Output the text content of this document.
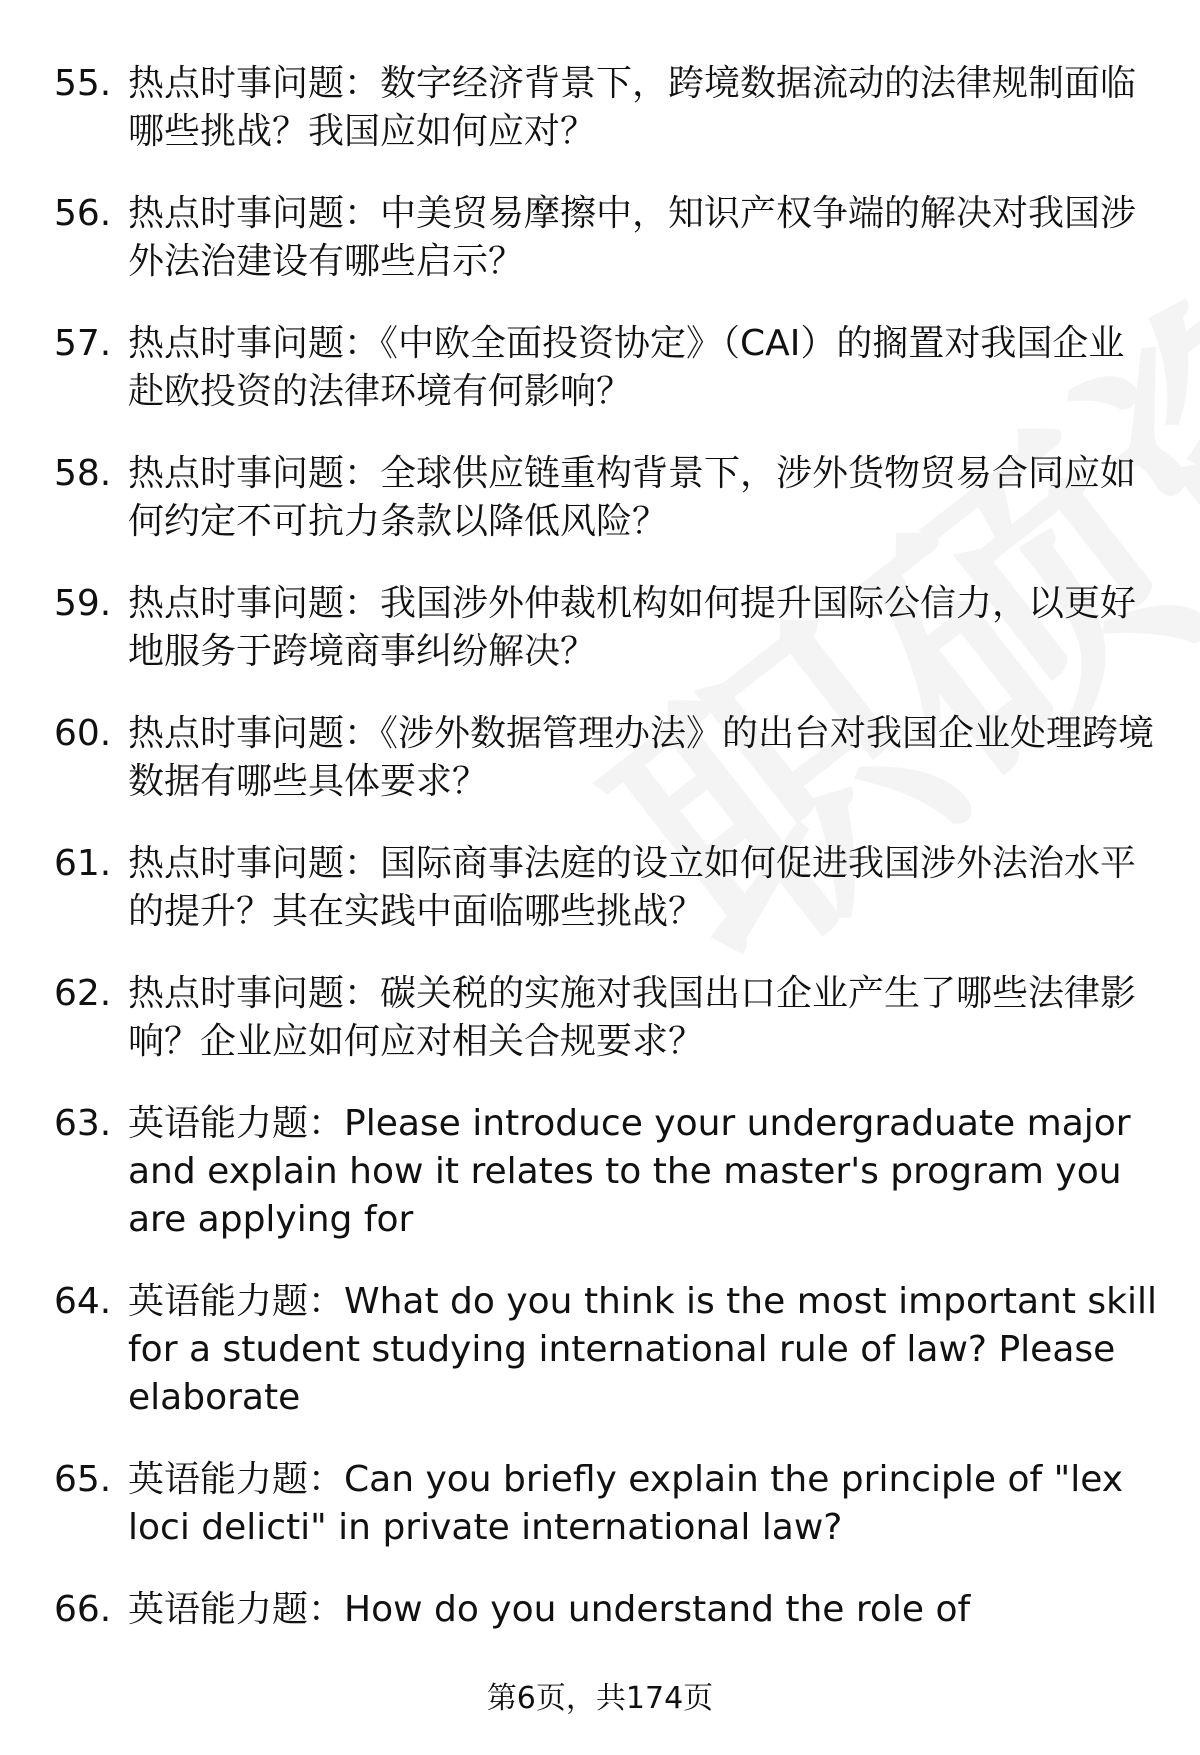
55. 热点时事问题：数字经济背景下，跨境数据流动的法律规制面临哪些挑战？我国应如何应对？
56. 热点时事问题：中美贸易摩擦中，知识产权争端的解决对我国涉外法治建设有哪些启示？
57. 热点时事问题：《中欧全面投资协定》（CAI）的搁置对我国企业赴欧投资的法律环境有何影响？
58. 热点时事问题：全球供应链重构背景下，涉外货物贸易合同应如何约定不可抗力条款以降低风险？
59. 热点时事问题：我国涉外仲裁机构如何提升国际公信力，以更好地服务于跨境商事纠纷解决？
60. 热点时事问题：《涉外数据管理办法》的出台对我国企业处理跨境数据有哪些具体要求？
61. 热点时事问题：国际商事法庭的设立如何促进我国涉外法治水平的提升？其在实践中面临哪些挑战？
62. 热点时事问题：碳关税的实施对我国出口企业产生了哪些法律影响？企业应如何应对相关合规要求？
63. 英语能力题：Please introduce your undergraduate major and explain how it relates to the master's program you are applying for
64. 英语能力题：What do you think is the most important skill for a student studying international rule of law? Please elaborate
65. 英语能力题：Can you briefly explain the principle of "lex loci delicti" in private international law?
66. 英语能力题：How do you understand the role of
第6页，共174页
